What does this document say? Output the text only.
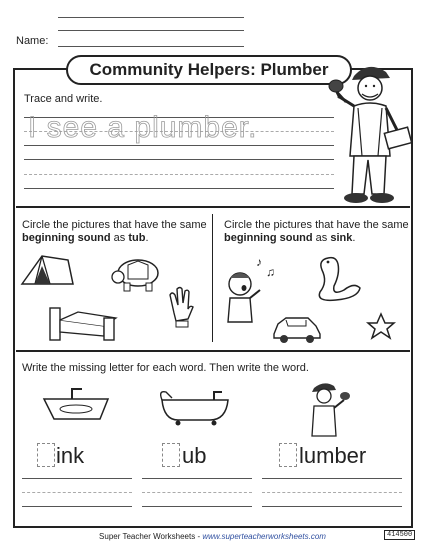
Name:
Community Helpers: Plumber
Trace and write.
I see a plumber.
Circle the pictures that have the same beginning sound as tub.
Circle the pictures that have the same beginning sound as sink.
♪
♫
Write the missing letter for each word. Then write the word.
ink	ub	lumber
Super Teacher Worksheets - www.superteacherworksheets.com	414500
